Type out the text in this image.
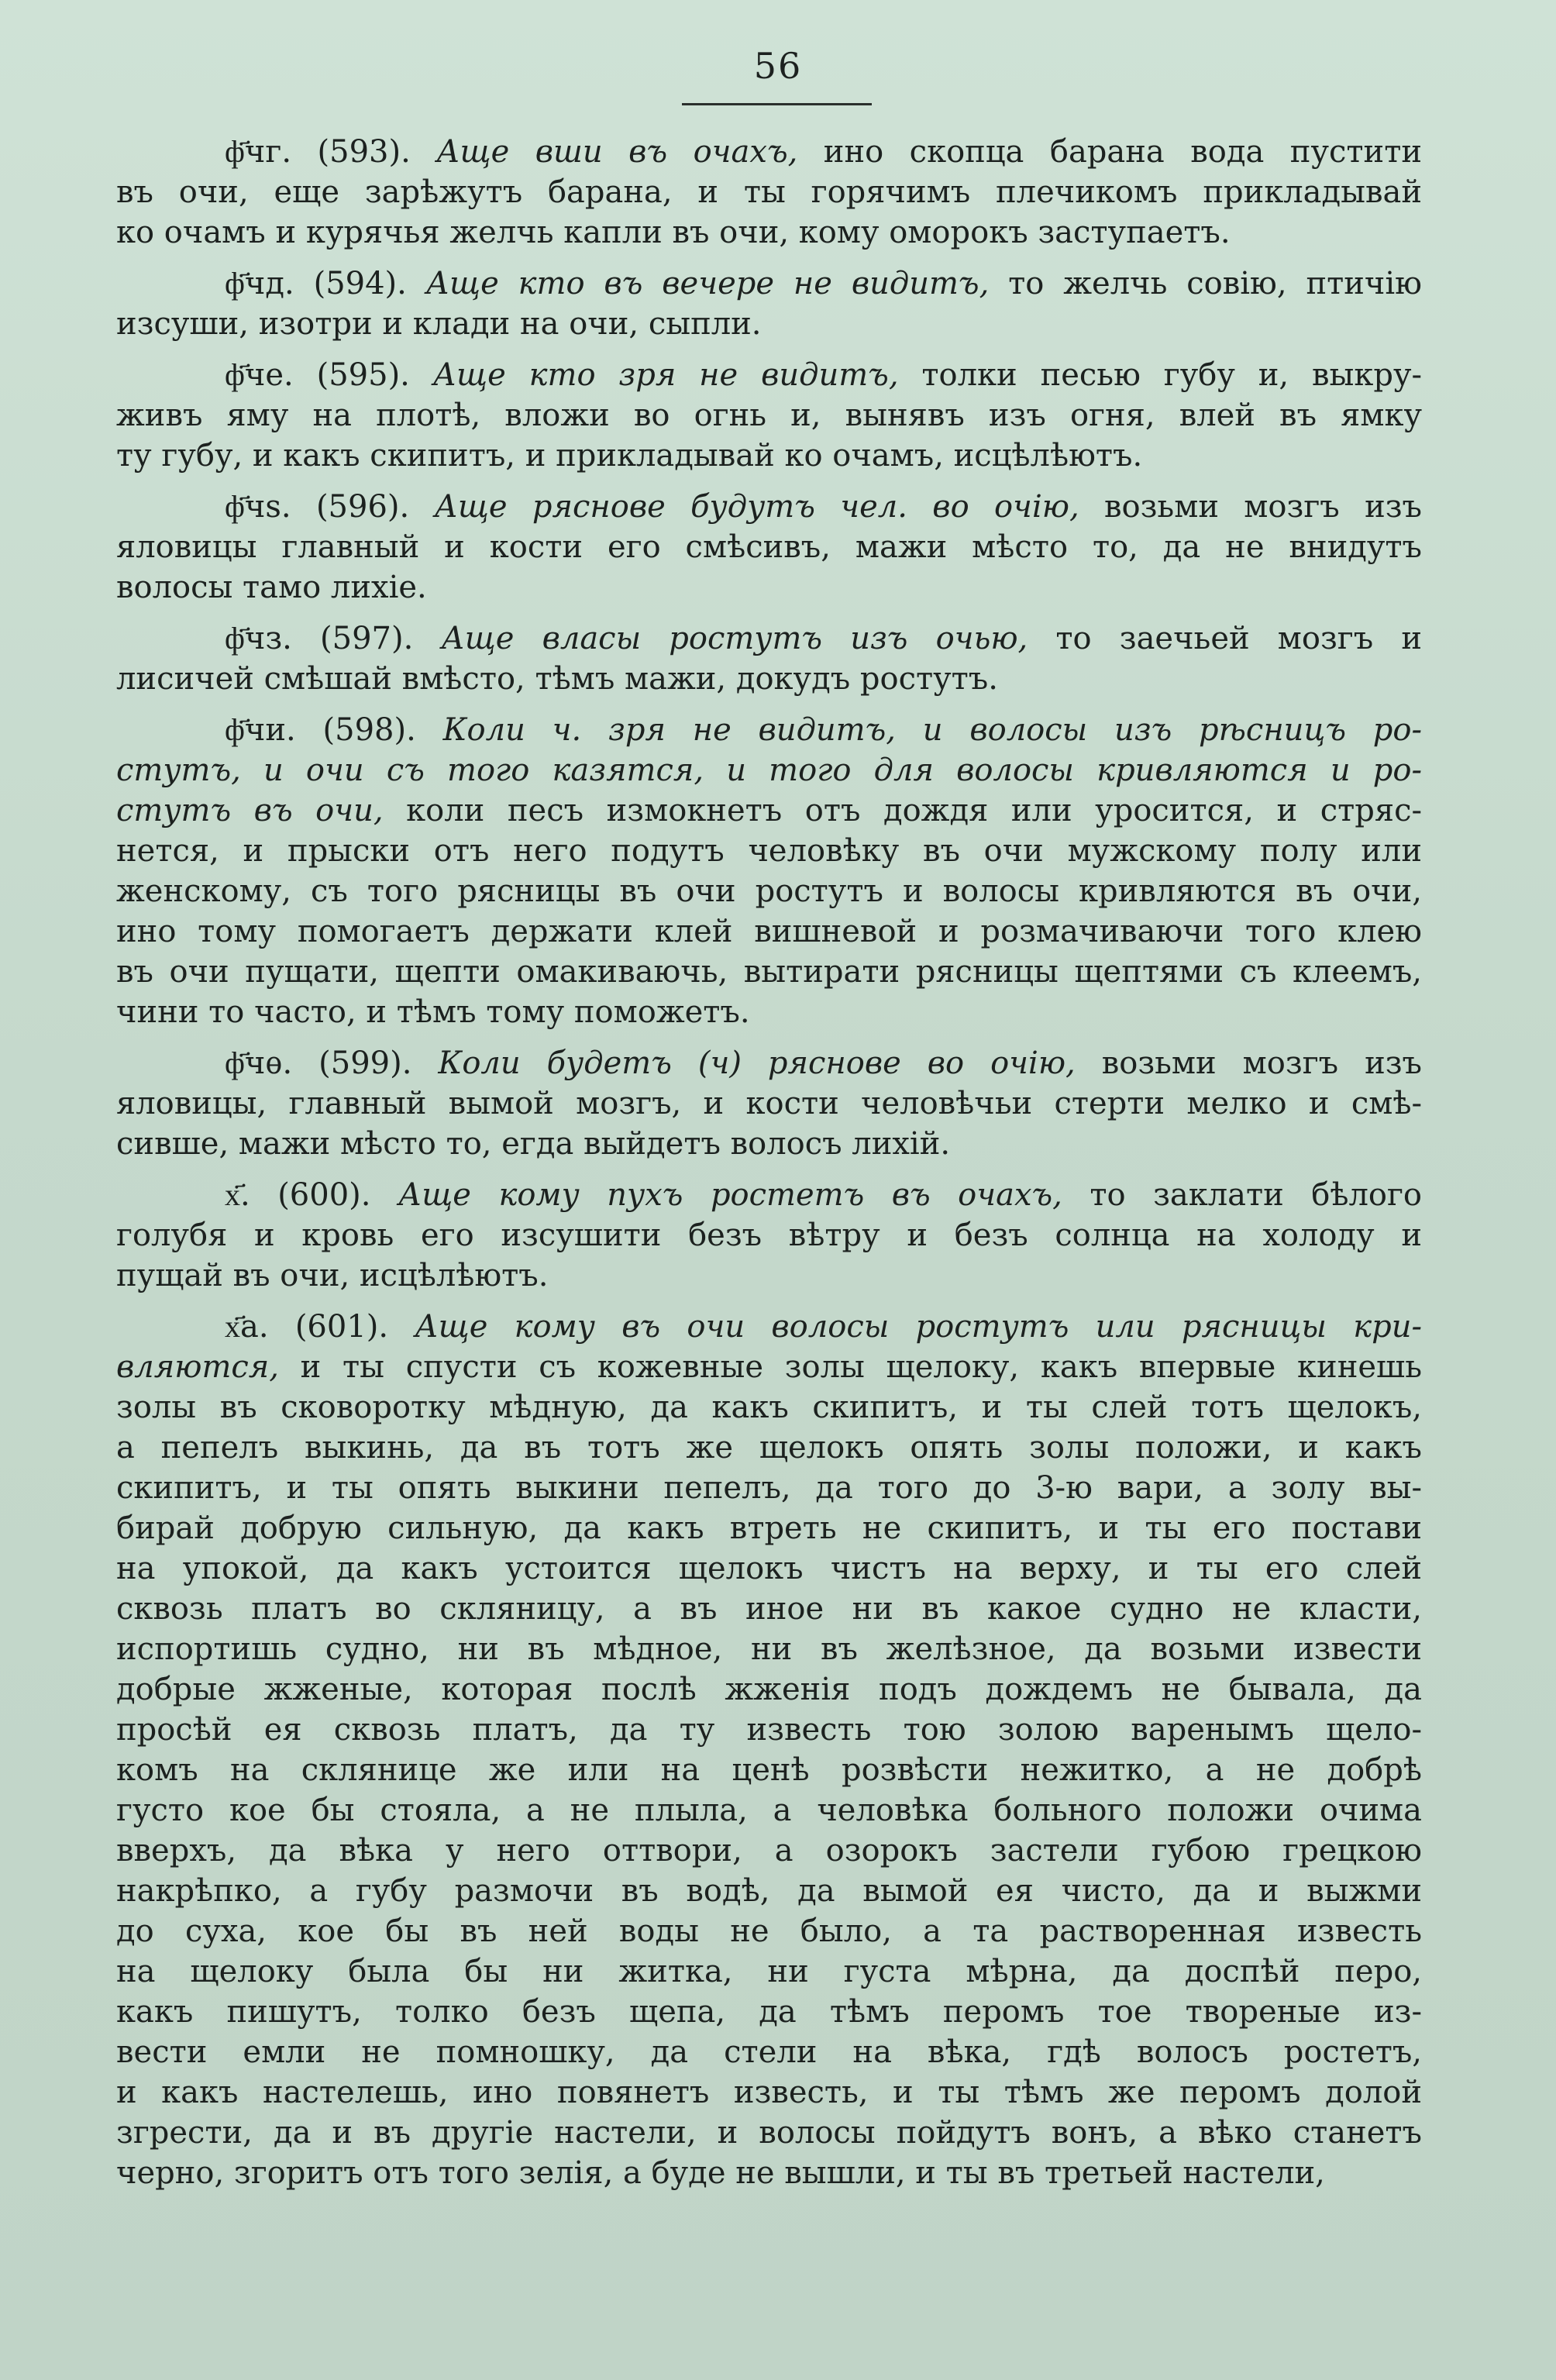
56
ф҃чг. (593). Аще вши въ очахъ, ино скопца барана вода пустити
въ очи, еще зарѣжутъ барана, и ты горячимъ плечикомъ прикладывай
ко очамъ и курячья желчь капли въ очи, кому оморокъ заступаетъ.
ф҃чд. (594). Аще кто въ вечере не видитъ, то желчь совію, птичію
изсуши, изотри и клади на очи, сыпли.
ф҃че. (595). Аще кто зря не видитъ, толки песью губу и, выкру-
живъ яму на плотѣ, вложи во огнь и, вынявъ изъ огня, влей въ ямку
ту губу, и какъ скипитъ, и прикладывай ко очамъ, исцѣлѣютъ.
ф҃чѕ. (596). Аще ряснове будутъ чел. во очію, возьми мозгъ изъ
яловицы главный и кости его смѣсивъ, мажи мѣсто то, да не внидутъ
волосы тамо лихіе.
ф҃чз. (597). Аще власы ростутъ изъ очью, то заечьей мозгъ и
лисичей смѣшай вмѣсто, тѣмъ мажи, докудъ ростутъ.
ф҃чи. (598). Коли ч. зря не видитъ, и волосы изъ рѣсницъ ро-
стутъ, и очи съ того казятся, и того для волосы кривляются и ро-
стутъ въ очи, коли песъ измокнетъ отъ дождя или уросится, и стряс-
нется, и прыски отъ него подутъ человѣку въ очи мужскому полу или
женскому, съ того рясницы въ очи ростутъ и волосы кривляются въ очи,
ино тому помогаетъ держати клей вишневой и розмачиваючи того клею
въ очи пущати, щепти омакиваючь, вытирати рясницы щептями съ клеемъ,
чини то часто, и тѣмъ тому поможетъ.
ф҃чѳ. (599). Коли будетъ (ч) ряснове во очію, возьми мозгъ изъ
яловицы, главный вымой мозгъ, и кости человѣчьи стерти мелко и смѣ-
сивше, мажи мѣсто то, егда выйдетъ волосъ лихій.
х҃. (600). Аще кому пухъ ростетъ въ очахъ, то заклати бѣлого
голубя и кровь его изсушити безъ вѣтру и безъ солнца на холоду и
пущай въ очи, исцѣлѣютъ.
х҃а. (601). Аще кому въ очи волосы ростутъ или рясницы кри-
вляются, и ты спусти съ кожевные золы щелоку, какъ впервые кинешь
золы въ сковоротку мѣдную, да какъ скипитъ, и ты слей тотъ щелокъ,
а пепелъ выкинь, да въ тотъ же щелокъ опять золы положи, и какъ
скипитъ, и ты опять выкини пепелъ, да того до 3-ю вари, а золу вы-
бирай добрую сильную, да какъ втреть не скипитъ, и ты его постави
на упокой, да какъ устоится щелокъ чистъ на верху, и ты его слей
сквозь платъ во скляницу, а въ иное ни въ какое судно не класти,
испортишь судно, ни въ мѣдное, ни въ желѣзное, да возьми извести
добрые жженые, которая послѣ жженія подъ дождемъ не бывала, да
просѣй ея сквозь платъ, да ту известь тою золою варенымъ щело-
комъ на склянице же или на ценѣ розвѣсти нежитко, а не добрѣ
густо кое бы стояла, а не плыла, а человѣка больного положи очима
вверхъ, да вѣка у него оттвори, а озорокъ застели губою грецкою
накрѣпко, а губу размочи въ водѣ, да вымой ея чисто, да и выжми
до суха, кое бы въ ней воды не было, а та растворенная известь
на щелоку была бы ни житка, ни густа мѣрна, да доспѣй перо,
какъ пишутъ, толко безъ щепа, да тѣмъ перомъ тое твореные из-
вести емли не помношку, да стели на вѣка, гдѣ волосъ ростетъ,
и какъ настелешь, ино повянетъ известь, и ты тѣмъ же перомъ долой
згрести, да и въ другіе настели, и волосы пойдутъ вонъ, а вѣко станетъ
черно, згоритъ отъ того зелія, а буде не вышли, и ты въ третьей настели,
